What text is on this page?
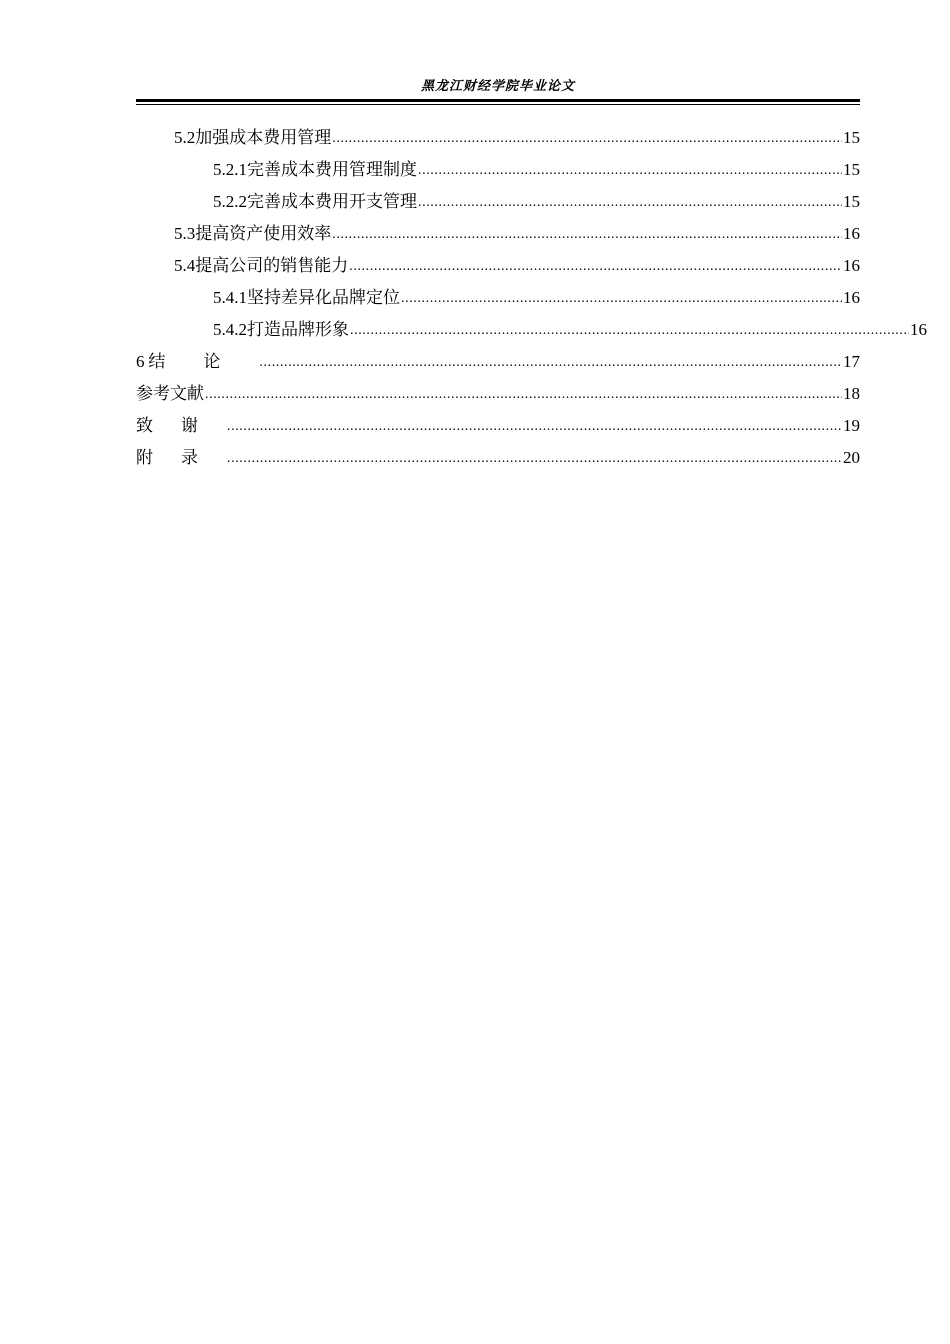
黑龙江财经学院毕业论文
5.2 加强成本费用管理 .....	15
5.2.1 完善成本费用管理制度 .....	15
5.2.2 完善成本费用开支管理 .....	15
5.3 提高资产使用效率 .....	16
5.4 提高公司的销售能力 .....	16
5.4.1 坚持差异化品牌定位 .....	16
5.4.2 打造品牌形象 .....	16
6 结论 .....	17
参考文献 .....	18
致谢 .....	19
附录 .....	20
